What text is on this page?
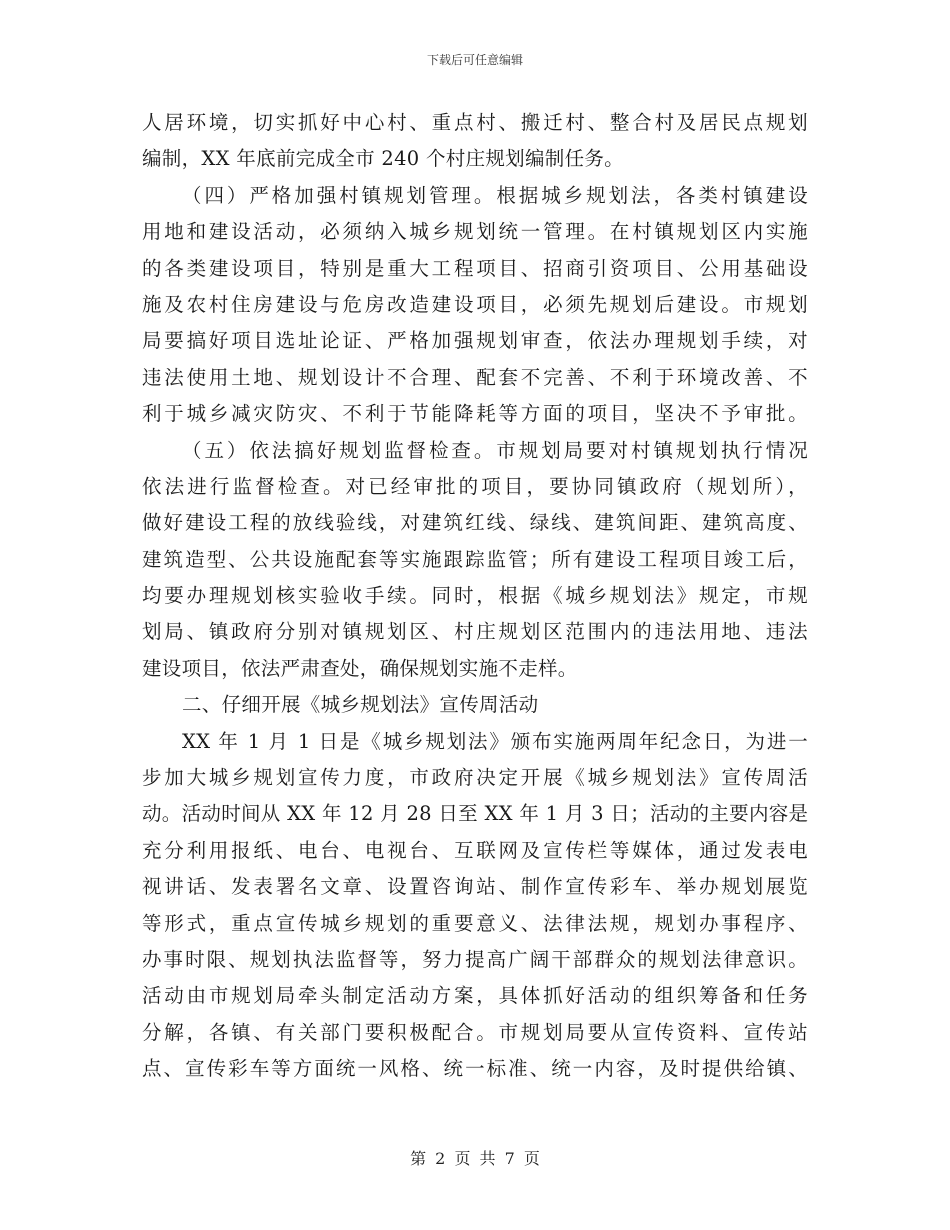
下载后可任意编辑
人居环境，切实抓好中心村、重点村、搬迁村、整合村及居民点规划
编制，XX 年底前完成全市 240 个村庄规划编制任务。
（四）严格加强村镇规划管理。根据城乡规划法，各类村镇建设
用地和建设活动，必须纳入城乡规划统一管理。在村镇规划区内实施
的各类建设项目，特别是重大工程项目、招商引资项目、公用基础设
施及农村住房建设与危房改造建设项目，必须先规划后建设。市规划
局要搞好项目选址论证、严格加强规划审查，依法办理规划手续，对
违法使用土地、规划设计不合理、配套不完善、不利于环境改善、不
利于城乡减灾防灾、不利于节能降耗等方面的项目，坚决不予审批。
（五）依法搞好规划监督检查。市规划局要对村镇规划执行情况
依法进行监督检查。对已经审批的项目，要协同镇政府（规划所），
做好建设工程的放线验线，对建筑红线、绿线、建筑间距、建筑高度、
建筑造型、公共设施配套等实施跟踪监管；所有建设工程项目竣工后，
均要办理规划核实验收手续。同时，根据《城乡规划法》规定，市规
划局、镇政府分别对镇规划区、村庄规划区范围内的违法用地、违法
建设项目，依法严肃查处，确保规划实施不走样。
二、仔细开展《城乡规划法》宣传周活动
XX 年 1 月 1 日是《城乡规划法》颁布实施两周年纪念日，为进一
步加大城乡规划宣传力度，市政府决定开展《城乡规划法》宣传周活
动。活动时间从 XX 年 12 月 28 日至 XX 年 1 月 3 日；活动的主要内容是
充分利用报纸、电台、电视台、互联网及宣传栏等媒体，通过发表电
视讲话、发表署名文章、设置咨询站、制作宣传彩车、举办规划展览
等形式，重点宣传城乡规划的重要意义、法律法规，规划办事程序、
办事时限、规划执法监督等，努力提高广阔干部群众的规划法律意识。
活动由市规划局牵头制定活动方案，具体抓好活动的组织筹备和任务
分解，各镇、有关部门要积极配合。市规划局要从宣传资料、宣传站
点、宣传彩车等方面统一风格、统一标准、统一内容，及时提供给镇、
第 2 页 共 7 页
